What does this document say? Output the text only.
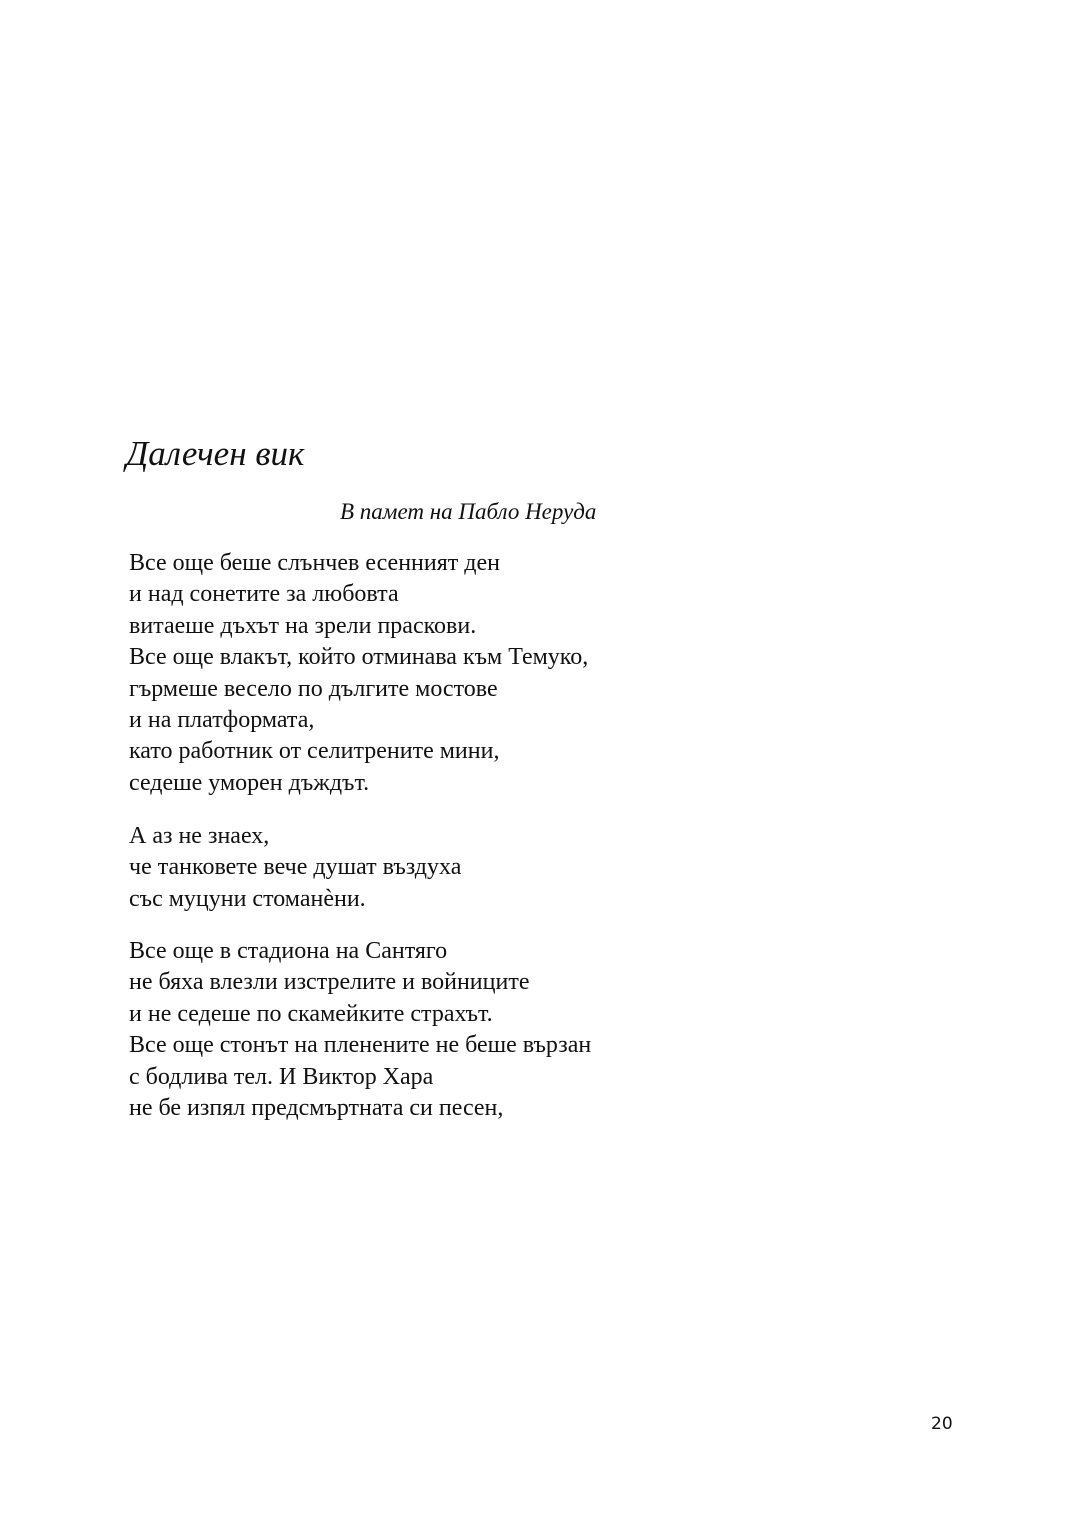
Далечен вик
В памет на Пабло Неруда
Все още беше слънчев есенният ден
и над сонетите за любовта
витаеше дъхът на зрели праскови.
Все още влакът, който отминава към Темуко,
гърмеше весело по дългите мостове
и на платформата,
като работник от селитрените мини,
седеше уморен дъждът.
А аз не знаех,
че танковете вече душат въздуха
със муцуни стоманѐни.
Все още в стадиона на Сантяго
не бяха влезли изстрелите и войниците
и не седеше по скамейките страхът.
Все още стонът на пленените не беше вързан
с бодлива тел. И Виктор Хара
не бе изпял предсмъртната си песен,
20
